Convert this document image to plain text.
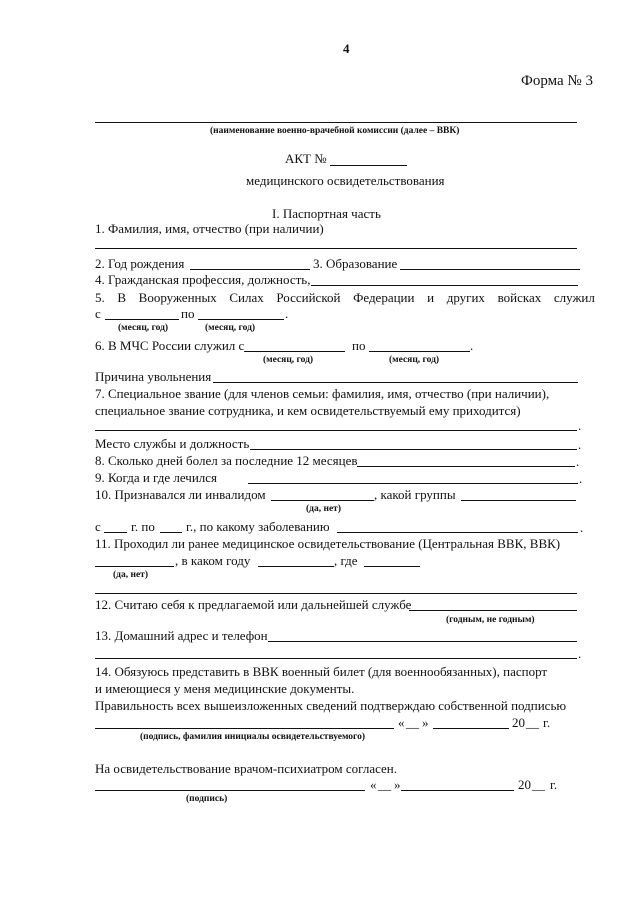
4
Форма № 3
(наименование военно-врачебной комиссии (далее – ВВК)
АКТ №
медицинского освидетельствования
I. Паспортная часть
1. Фамилия, имя, отчество (при наличии)
2. Год рождения	3. Образование
4. Гражданская профессия, должность,
5. В Вооруженных Силах Российской Федерации и других войсках служил
с	по	.
(месяц, год)	(месяц, год)
6. В МЧС России служил с	по	.
(месяц, год)	(месяц, год)
Причина увольнения
7. Специальное звание (для членов семьи: фамилия, имя, отчество (при наличии),
специальное звание сотрудника, и кем освидетельствуемый ему приходится)
.
Место службы и должность	.
8. Сколько дней болел за последние 12 месяцев	.
9. Когда и где лечился	.
10. Признавался ли инвалидом	, какой группы
(да, нет)
с г. по г., по какому заболеванию	.
11. Проходил ли ранее медицинское освидетельствование (Центральная ВВК, ВВК)
, в каком году	, где
(да, нет)
12. Считаю себя к предлагаемой или дальнейшей службе
(годным, не годным)
13. Домашний адрес и телефон
.
14. Обязуюсь представить в ВВК военный билет (для военнообязанных), паспорт
и имеющиеся у меня медицинские документы.
Правильность всех вышеизложенных сведений подтверждаю собственной подписью
« __ »	20 __ г.
(подпись, фамилия инициалы освидетельствуемого)
На освидетельствование врачом-психиатром согласен.
« __ »	20 __ г.
(подпись)
